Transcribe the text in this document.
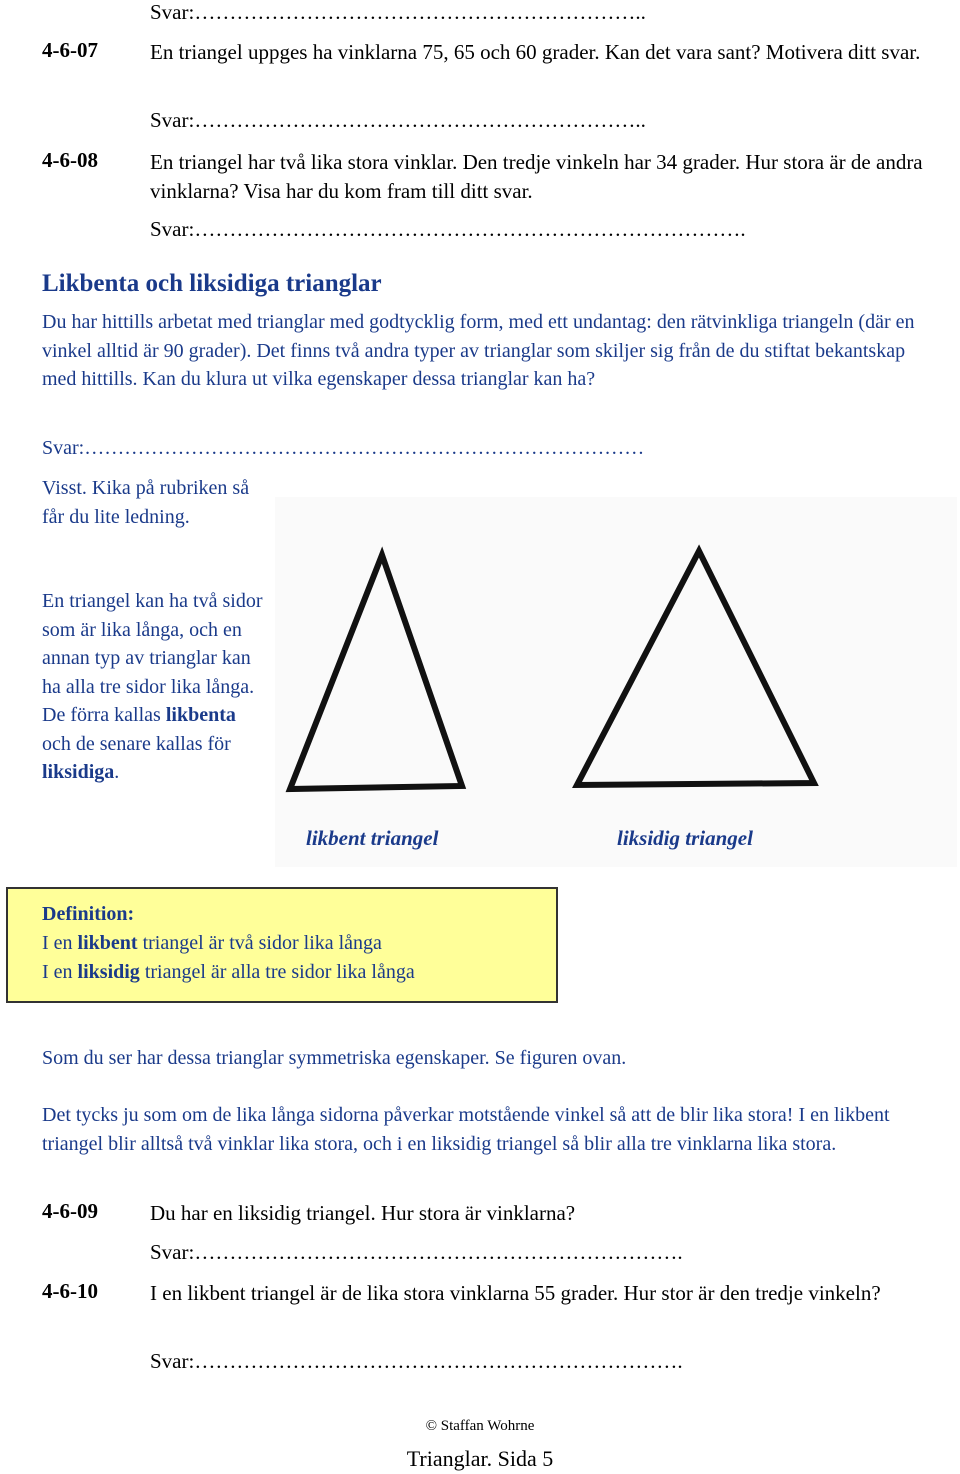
Svar:………………………………………………………..
4-6-07 En triangel uppges ha vinklarna 75, 65 och 60 grader. Kan det vara sant? Motivera ditt svar.
Svar:………………………………………………………..
4-6-08 En triangel har två lika stora vinklar. Den tredje vinkeln har 34 grader. Hur stora är de andra vinklarna? Visa har du kom fram till ditt svar.
Svar:…………………………………………………………………….
Likbenta och liksidiga trianglar
Du har hittills arbetat med trianglar med godtycklig form, med ett undantag: den rätvinkliga triangeln (där en vinkel alltid är 90 grader). Det finns två andra typer av trianglar som skiljer sig från de du stiftat bekantskap med hittills. Kan du klura ut vilka egenskaper dessa trianglar kan ha?
Svar:…………………………………………………………………………
Visst. Kika på rubriken så får du lite ledning.
En triangel kan ha två sidor som är lika långa, och en annan typ av trianglar kan ha alla tre sidor lika långa. De förra kallas likbenta och de senare kallas för liksidiga.
likbent triangel	liksidig triangel
Definition:
I en likbent triangel är två sidor lika långa
I en liksidig triangel är alla tre sidor lika långa
Som du ser har dessa trianglar symmetriska egenskaper. Se figuren ovan.
Det tycks ju som om de lika långa sidorna påverkar motstående vinkel så att de blir lika stora! I en likbent triangel blir alltså två vinklar lika stora, och i en liksidig triangel så blir alla tre vinklarna lika stora.
4-6-09 Du har en liksidig triangel. Hur stora är vinklarna?
Svar:…………………………………………………………….
4-6-10 I en likbent triangel är de lika stora vinklarna 55 grader. Hur stor är den tredje vinkeln?
Svar:…………………………………………………………….
© Staffan Wohrne
Trianglar. Sida 5
